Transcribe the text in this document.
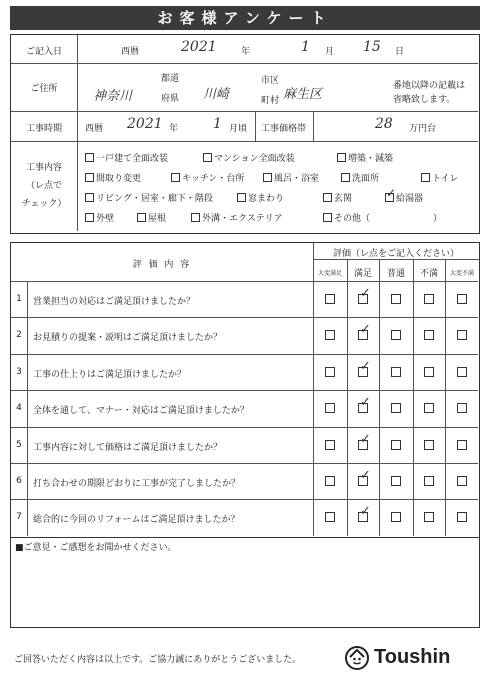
お客様アンケート
ご記入日	西暦	2021	年	1 月 15 日
ご住所	神奈川
都道
府県 川崎
市区
町村 麻生区
番地以降の記載は省略致します。
工事時期	西暦 2021 年 1 月頃 工事価格帯	28 万円台
工事内容
（レ点で
チェック）
一戸建て全面改装	マンション全面改装	増築・減築
間取り変更	キッチン・台所	風呂・浴室	洗面所	トイレ
リビング・居室・廊下・階段	窓まわり	玄関
✓	給湯器
外壁	屋根	外溝・エクステリア	その他（　　　　　　　）
評 価 内 容
評価（レ点をご記入ください）
大変満足	満足	普通	不満	大変不満
1	営業担当の対応はご満足頂けましたか？
✓
2	お見積りの提案・説明はご満足頂けましたか？
✓
3	工事の仕上りはご満足頂けましたか？
✓
4	全体を通して、マナー・対応はご満足頂けましたか？
✓
5	工事内容に対して価格はご満足頂けましたか？
✓
6	打ち合わせの期限どおりに工事が完了しましたか？
✓
7	総合的に今回のリフォームはご満足頂けましたか？
✓
■ご意見・ご感想をお聞かせください。
ご回答いただく内容は以上です。ご協力誠にありがとうございました。	Toushin
